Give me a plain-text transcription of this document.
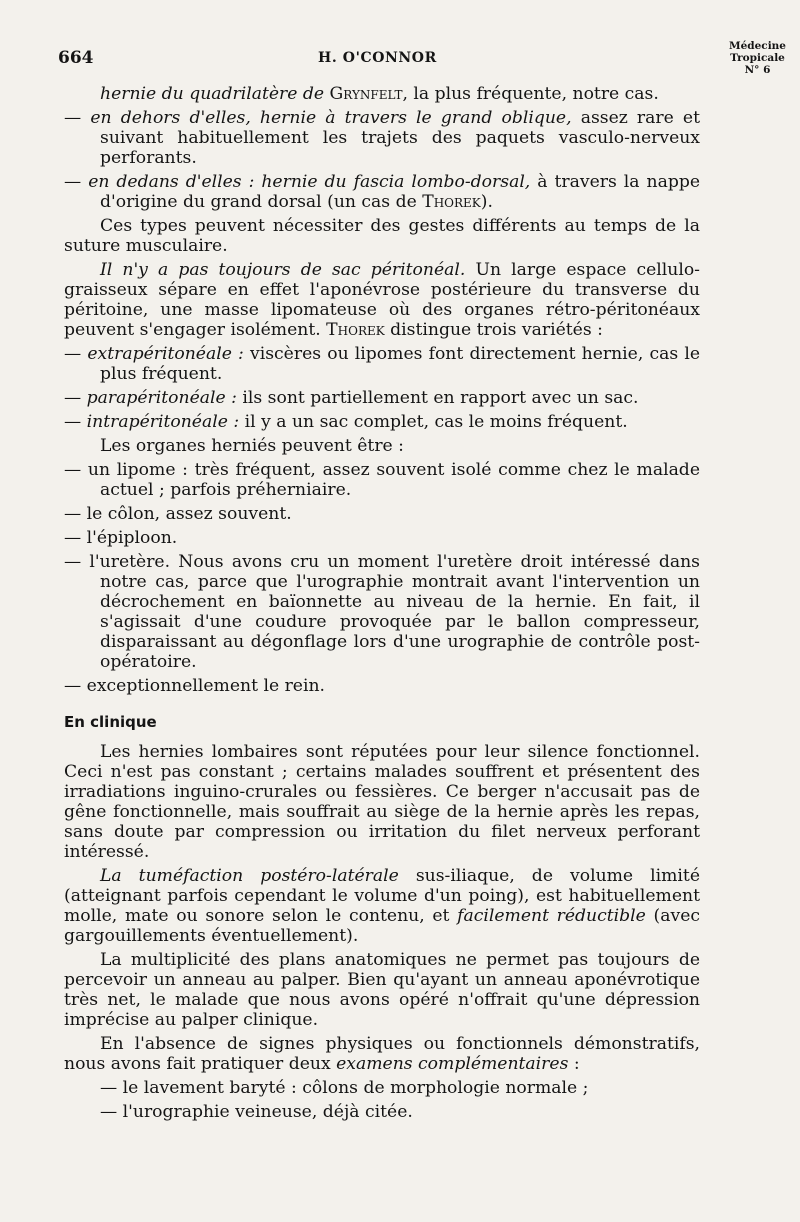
664	H. O'CONNOR
Médecine
Tropicale
N° 6

hernie du quadrilatère de Grynfelt, la plus fréquente, notre cas.

— en dehors d'elles, hernie à travers le grand oblique, assez rare et suivant habituellement les trajets des paquets vasculo-nerveux perforants.

— en dedans d'elles : hernie du fascia lombo-dorsal, à travers la nappe d'origine du grand dorsal (un cas de Thorek).

Ces types peuvent nécessiter des gestes différents au temps de la suture musculaire.

Il n'y a pas toujours de sac péritonéal. Un large espace cellulo-graisseux sépare en effet l'aponévrose postérieure du transverse du péritoine, une masse lipomateuse où des organes rétro-péritonéaux peuvent s'engager isolément. Thorek distingue trois variétés :

— extrapéritonéale : viscères ou lipomes font directement hernie, cas le plus fréquent.

— parapéritonéale : ils sont partiellement en rapport avec un sac.

— intrapéritonéale : il y a un sac complet, cas le moins fréquent.

Les organes herniés peuvent être :

— un lipome : très fréquent, assez souvent isolé comme chez le malade actuel ; parfois préherniaire.

— le côlon, assez souvent.

— l'épiploon.

— l'uretère. Nous avons cru un moment l'uretère droit intéressé dans notre cas, parce que l'urographie montrait avant l'intervention un décrochement en baïonnette au niveau de la hernie. En fait, il s'agissait d'une coudure provoquée par le ballon compresseur, disparaissant au dégonflage lors d'une urographie de contrôle post-opératoire.

— exceptionnellement le rein.

En clinique

Les hernies lombaires sont réputées pour leur silence fonctionnel. Ceci n'est pas constant ; certains malades souffrent et présentent des irradiations inguino-crurales ou fessières. Ce berger n'accusait pas de gêne fonctionnelle, mais souffrait au siège de la hernie après les repas, sans doute par compression ou irritation du filet nerveux perforant intéressé.

La tuméfaction postéro-latérale sus-iliaque, de volume limité (atteignant parfois cependant le volume d'un poing), est habituellement molle, mate ou sonore selon le contenu, et facilement réductible (avec gargouillements éventuellement).

La multiplicité des plans anatomiques ne permet pas toujours de percevoir un anneau au palper. Bien qu'ayant un anneau aponévrotique très net, le malade que nous avons opéré n'offrait qu'une dépression imprécise au palper clinique.

En l'absence de signes physiques ou fonctionnels démonstratifs, nous avons fait pratiquer deux examens complémentaires :

— le lavement baryté : côlons de morphologie normale ;

— l'urographie veineuse, déjà citée.
